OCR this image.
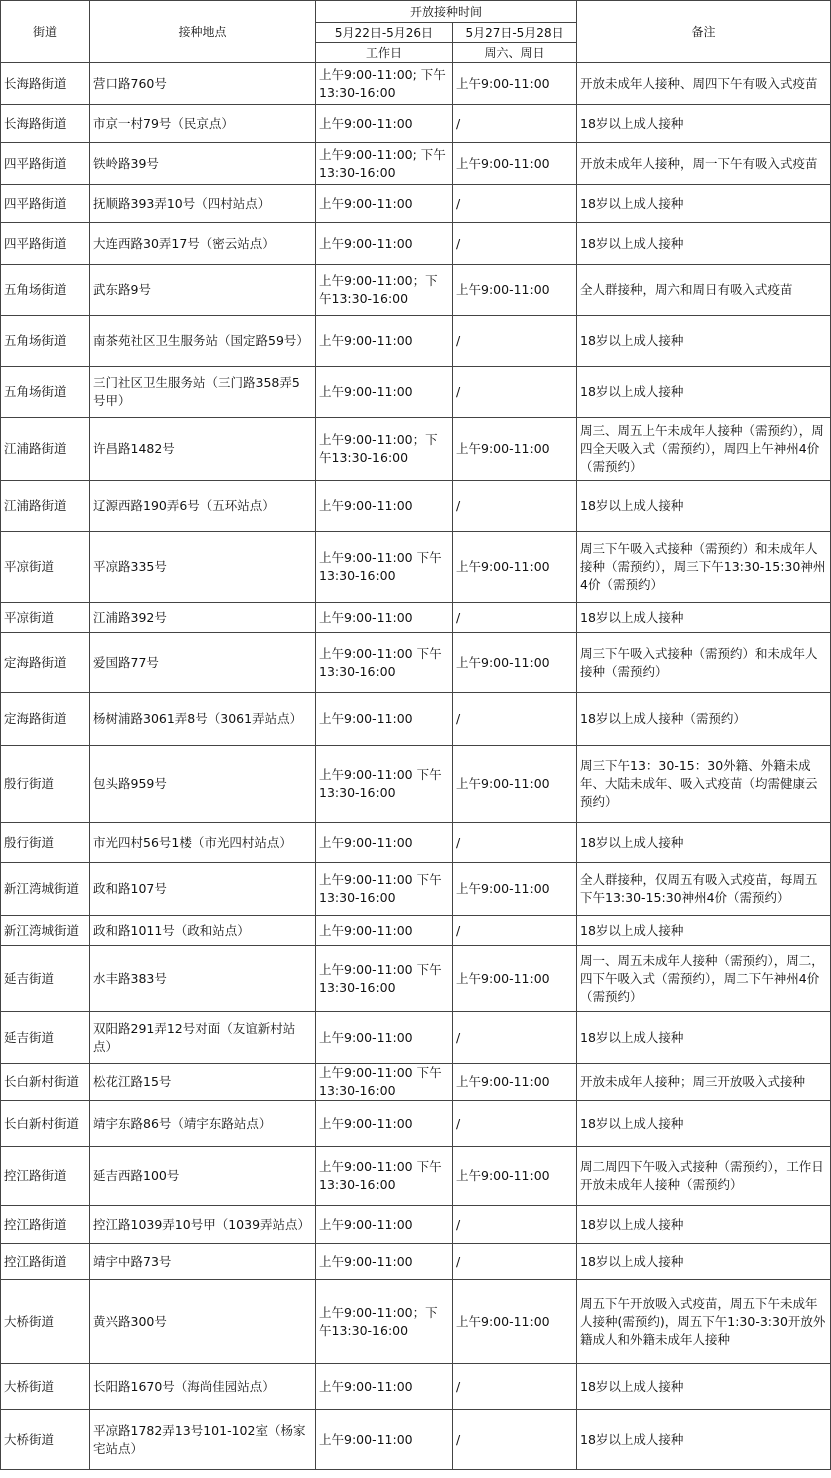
街道	接种地点	开放接种时间		备注
		5月22日-5月26日	5月27日-5月28日	
		工作日	周六、周日	
长海路街道	营口路760号	上午9:00-11:00; 下午13:30-16:00	上午9:00-11:00	开放未成年人接种、周四下午有吸入式疫苗
长海路街道	市京一村79号（民京点）	上午9:00-11:00	/	18岁以上成人接种
四平路街道	铁岭路39号	上午9:00-11:00; 下午13:30-16:00	上午9:00-11:00	开放未成年人接种，周一下午有吸入式疫苗
四平路街道	抚顺路393弄10号（四村站点）	上午9:00-11:00	/	18岁以上成人接种
四平路街道	大连西路30弄17号（密云站点）	上午9:00-11:00	/	18岁以上成人接种
五角场街道	武东路9号	上午9:00-11:00；下午13:30-16:00	上午9:00-11:00	全人群接种，周六和周日有吸入式疫苗
五角场街道	南茶苑社区卫生服务站（国定路59号）	上午9:00-11:00	/	18岁以上成人接种
五角场街道	三门社区卫生服务站（三门路358弄5号甲）	上午9:00-11:00	/	18岁以上成人接种
江浦路街道	许昌路1482号	上午9:00-11:00；下午13:30-16:00	上午9:00-11:00	周三、周五上午未成年人接种（需预约），周四全天吸入式（需预约），周四上午神州4价（需预约）
江浦路街道	辽源西路190弄6号（五环站点）	上午9:00-11:00	/	18岁以上成人接种
平凉街道	平凉路335号	上午9:00-11:00 下午13:30-16:00	上午9:00-11:00	周三下午吸入式接种（需预约）和未成年人接种（需预约），周三下午13:30-15:30神州4价（需预约）
平凉街道	江浦路392号	上午9:00-11:00	/	18岁以上成人接种
定海路街道	爱国路77号	上午9:00-11:00 下午13:30-16:00	上午9:00-11:00	周三下午吸入式接种（需预约）和未成年人接种（需预约）
定海路街道	杨树浦路3061弄8号（3061弄站点）	上午9:00-11:00	/	18岁以上成人接种（需预约）
殷行街道	包头路959号	上午9:00-11:00 下午13:30-16:00	上午9:00-11:00	周三下午13：30-15：30外籍、外籍未成年、大陆未成年、吸入式疫苗（均需健康云预约）
殷行街道	市光四村56号1楼（市光四村站点）	上午9:00-11:00	/	18岁以上成人接种
新江湾城街道	政和路107号	上午9:00-11:00 下午13:30-16:00	上午9:00-11:00	全人群接种，仅周五有吸入式疫苗，每周五下午13:30-15:30神州4价（需预约）
新江湾城街道	政和路1011号（政和站点）	上午9:00-11:00	/	18岁以上成人接种
延吉街道	水丰路383号	上午9:00-11:00 下午13:30-16:00	上午9:00-11:00	周一、周五未成年人接种（需预约），周二，四下午吸入式（需预约），周二下午神州4价（需预约）
延吉街道	双阳路291弄12号对面（友谊新村站点）	上午9:00-11:00	/	18岁以上成人接种
长白新村街道	松花江路15号	上午9:00-11:00 下午13:30-16:00	上午9:00-11:00	开放未成年人接种；周三开放吸入式接种
长白新村街道	靖宇东路86号（靖宇东路站点）	上午9:00-11:00	/	18岁以上成人接种
控江路街道	延吉西路100号	上午9:00-11:00 下午13:30-16:00	上午9:00-11:00	周二周四下午吸入式接种（需预约），工作日开放未成年人接种（需预约）
控江路街道	控江路1039弄10号甲（1039弄站点）	上午9:00-11:00	/	18岁以上成人接种
控江路街道	靖宇中路73号	上午9:00-11:00	/	18岁以上成人接种
大桥街道	黄兴路300号	上午9:00-11:00；下午13:30-16:00	上午9:00-11:00	周五下午开放吸入式疫苗，周五下午未成年人接种(需预约)，周五下午1:30-3:30开放外籍成人和外籍未成年人接种
大桥街道	长阳路1670号（海尚佳园站点）	上午9:00-11:00	/	18岁以上成人接种
大桥街道	平凉路1782弄13号101-102室（杨家宅站点）	上午9:00-11:00	/	18岁以上成人接种
